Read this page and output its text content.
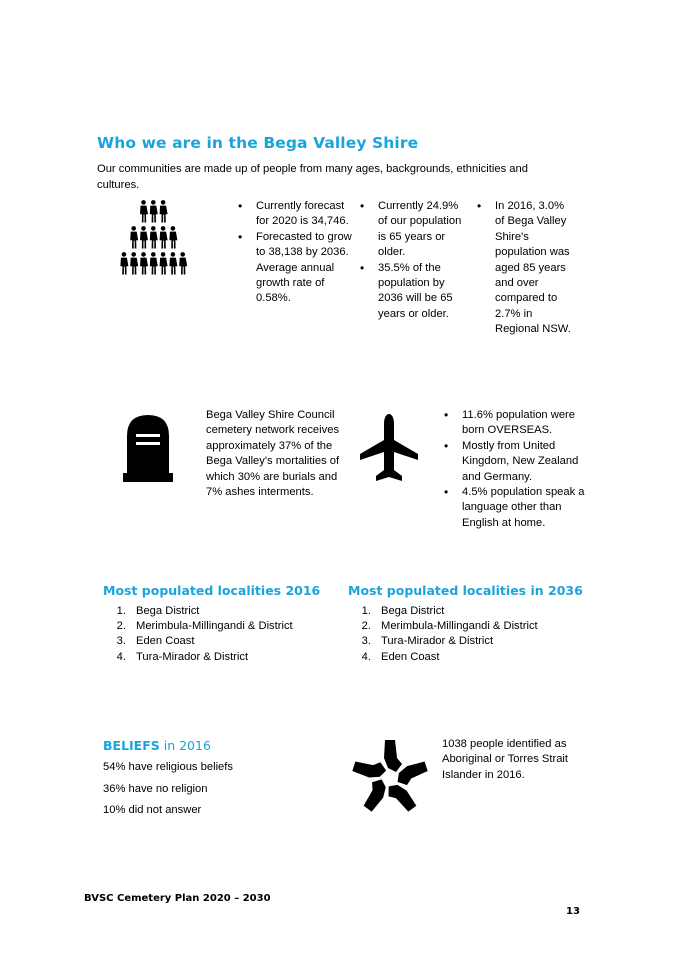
Who we are in the Bega Valley Shire
Our communities are made up of people from many ages, backgrounds, ethnicities and cultures.
• Currently forecast for 2020 is 34,746.
• Forecasted to grow to 38,138 by 2036. Average annual growth rate of 0.58%.
• Currently 24.9% of our population is 65 years or older.
• 35.5% of the population by 2036 will be 65 years or older.
• In 2016, 3.0% of Bega Valley Shire's population was aged 85 years and over compared to 2.7% in Regional NSW.
Bega Valley Shire Council cemetery network receives approximately 37% of the Bega Valley's mortalities of which 30% are burials and 7% ashes interments.
• 11.6% population were born OVERSEAS.
• Mostly from United Kingdom, New Zealand and Germany.
• 4.5% population speak a language other than English at home.
Most populated localities 2016
1. Bega District
2. Merimbula-Millingandi & District
3. Eden Coast
4. Tura-Mirador & District
Most populated localities in 2036
1. Bega District
2. Merimbula-Millingandi & District
3. Tura-Mirador & District
4. Eden Coast
BELIEFS in 2016
54% have religious beliefs
36% have no religion
10% did not answer
1038 people identified as Aboriginal or Torres Strait Islander in 2016.
BVSC Cemetery Plan 2020 – 2030
13
